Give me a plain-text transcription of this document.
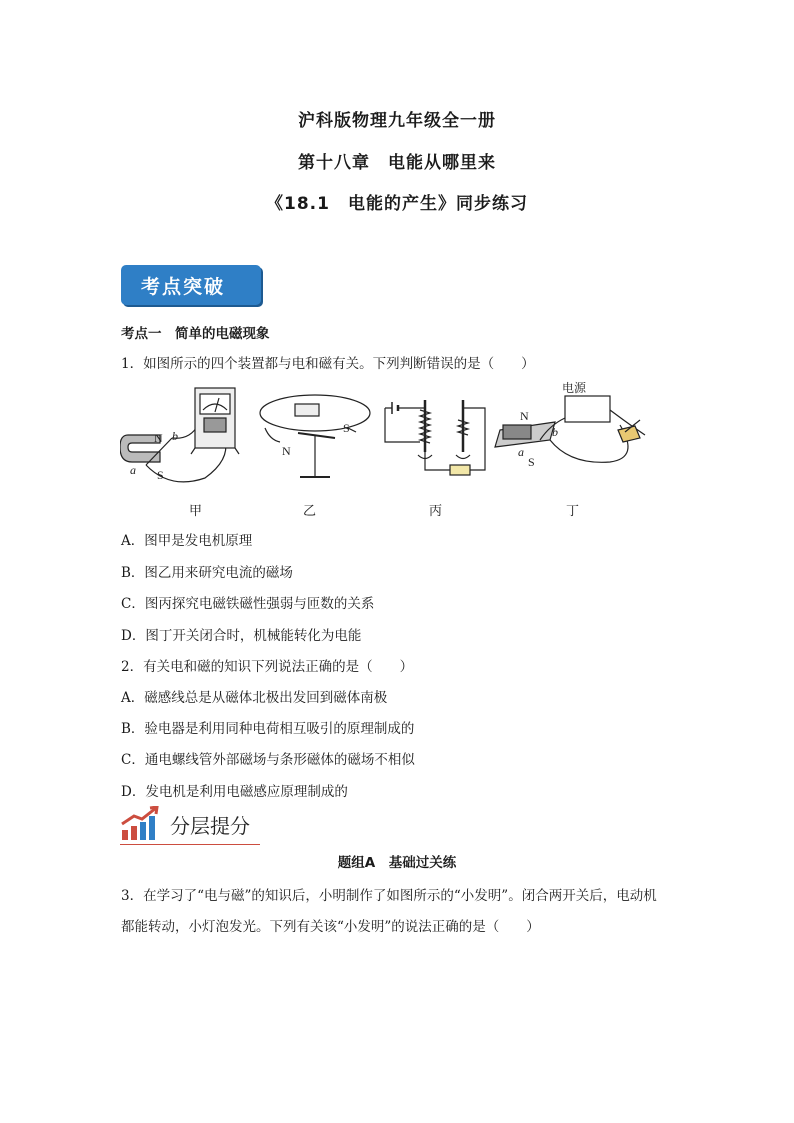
沪科版物理九年级全一册
第十八章　电能从哪里来
《18.1　电能的产生》同步练习
考点突破
考点一　简单的电磁现象
1．如图所示的四个装置都与电和磁有关。下列判断错误的是（　　）
N b
a S
N
S
N
b
a
S
电源
甲	乙	丙	丁
A．图甲是发电机原理
B．图乙用来研究电流的磁场
C．图丙探究电磁铁磁性强弱与匝数的关系
D．图丁开关闭合时，机械能转化为电能
2．有关电和磁的知识下列说法正确的是（　　）
A．磁感线总是从磁体北极出发回到磁体南极
B．验电器是利用同种电荷相互吸引的原理制成的
C．通电螺线管外部磁场与条形磁体的磁场不相似
D．发电机是利用电磁感应原理制成的
分层提分
题组A　基础过关练
3．在学习了“电与磁”的知识后，小明制作了如图所示的“小发明”。闭合两开关后，电动机
都能转动，小灯泡发光。下列有关该“小发明”的说法正确的是（　　）
